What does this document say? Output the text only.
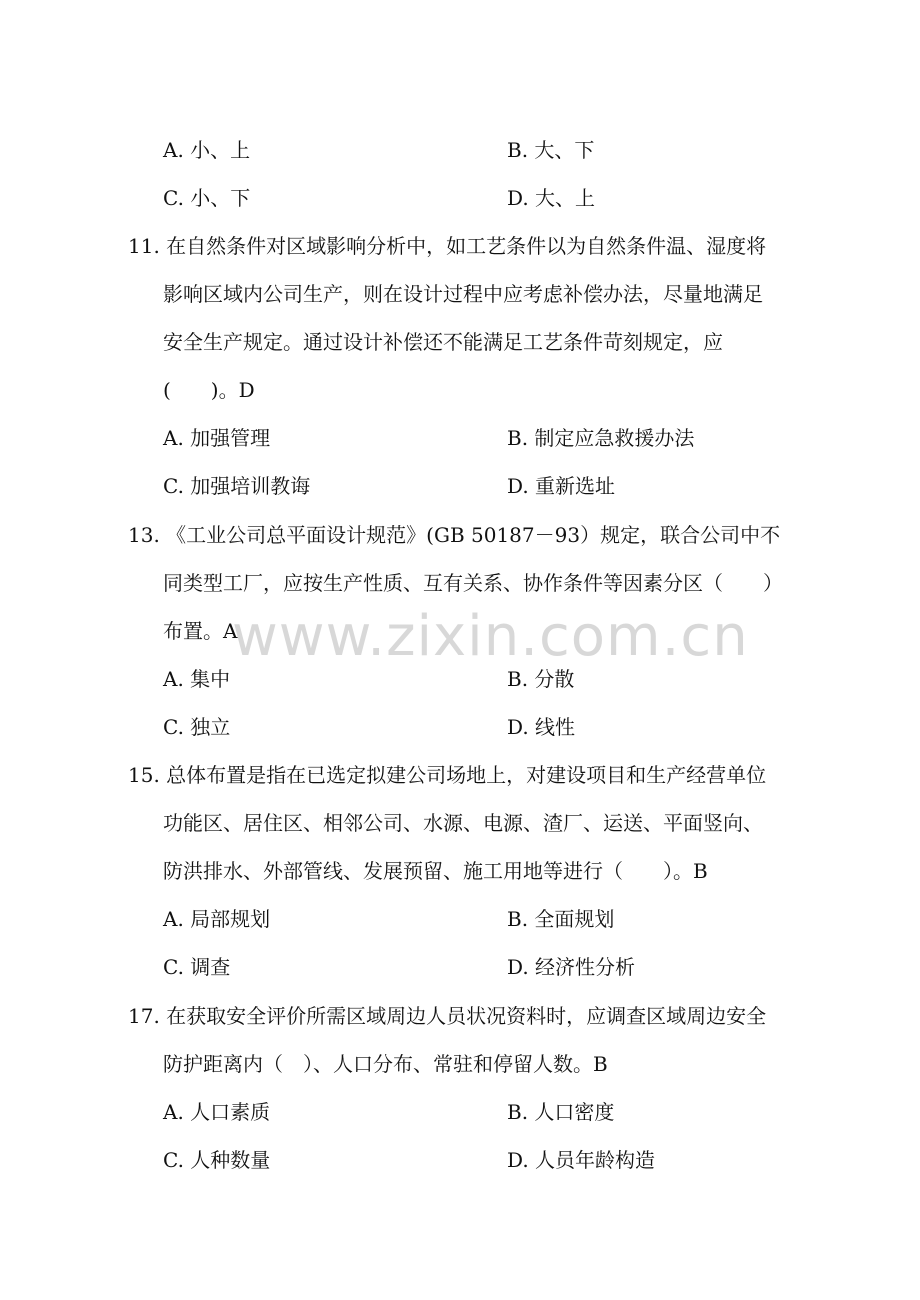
A. 小、上	B. 大、下
C. 小、下	D. 大、上
11. 在自然条件对区域影响分析中，如工艺条件以为自然条件温、湿度将
影响区域内公司生产，则在设计过程中应考虑补偿办法，尽量地满足
安全生产规定。通过设计补偿还不能满足工艺条件苛刻规定，应
(　　)。D
A. 加强管理	B. 制定应急救援办法
C. 加强培训教诲	D. 重新选址
13. 《工业公司总平面设计规范》(GB 50187－93）规定，联合公司中不
同类型工厂，应按生产性质、互有关系、协作条件等因素分区（　　）
布置。A
A. 集中	B. 分散
C. 独立	D. 线性
15. 总体布置是指在已选定拟建公司场地上，对建设项目和生产经营单位
功能区、居住区、相邻公司、水源、电源、渣厂、运送、平面竖向、
防洪排水、外部管线、发展预留、施工用地等进行（　　）。B
A. 局部规划	B. 全面规划
C. 调查	D. 经济性分析
17. 在获取安全评价所需区域周边人员状况资料时，应调查区域周边安全
防护距离内（　）、人口分布、常驻和停留人数。B
A. 人口素质	B. 人口密度
C. 人种数量	D. 人员年龄构造
www.zixin.com.cn
